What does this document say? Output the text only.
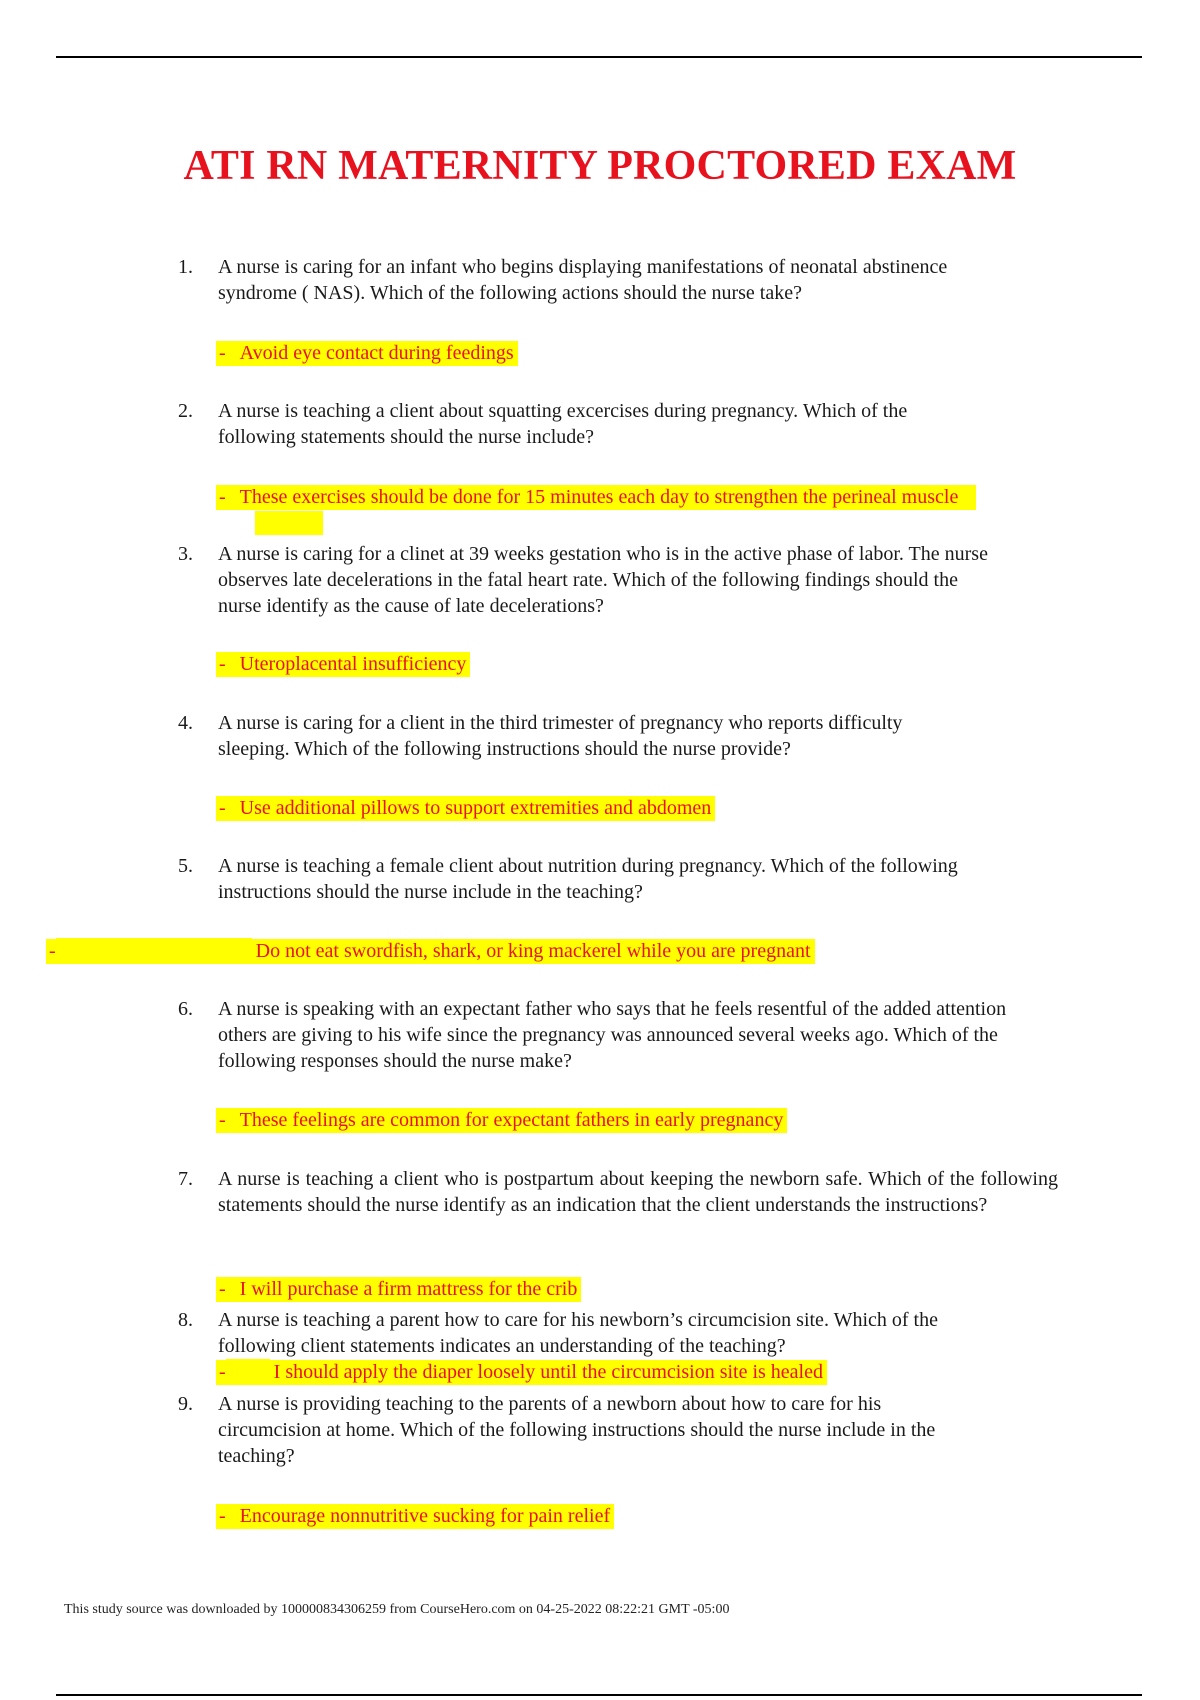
ATI RN MATERNITY PROCTORED EXAM
1.	A nurse is caring for an infant who begins displaying manifestations of neonatal abstinence syndrome ( NAS). Which of the following actions should the nurse take?
- Avoid eye contact during feedings
2.	A nurse is teaching a client about squatting excercises during pregnancy. Which of the following statements should the nurse include?
- These exercises should be done for 15 minutes each day to strengthen the perineal muscle
3.	A nurse is caring for a clinet at 39 weeks gestation who is in the active phase of labor. The nurse observes late decelerations in the fatal heart rate. Which of the following findings should the nurse identify as the cause of late decelerations?
- Uteroplacental insufficiency
4.	A nurse is caring for a client in the third trimester of pregnancy who reports difficulty sleeping. Which of the following instructions should the nurse provide?
- Use additional pillows to support extremities and abdomen
5.	A nurse is teaching a female client about nutrition during pregnancy. Which of the following instructions should the nurse include in the teaching?
-	Do not eat swordfish, shark, or king mackerel while you are pregnant
6.	A nurse is speaking with an expectant father who says that he feels resentful of the added attention others are giving to his wife since the pregnancy was announced several weeks ago. Which of the following responses should the nurse make?
- These feelings are common for expectant fathers in early pregnancy
7.	A nurse is teaching a client who is postpartum about keeping the newborn safe. Which of the following statements should the nurse identify as an indication that the client understands the instructions?
- I will purchase a firm mattress for the crib
8.	A nurse is teaching a parent how to care for his newborn’s circumcision site. Which of the following client statements indicates an understanding of the teaching?
- I should apply the diaper loosely until the circumcision site is healed
9.	A nurse is providing teaching to the parents of a newborn about how to care for his circumcision at home. Which of the following instructions should the nurse include in the teaching?
- Encourage nonnutritive sucking for pain relief
This study source was downloaded by 100000834306259 from CourseHero.com on 04-25-2022 08:22:21 GMT -05:00
